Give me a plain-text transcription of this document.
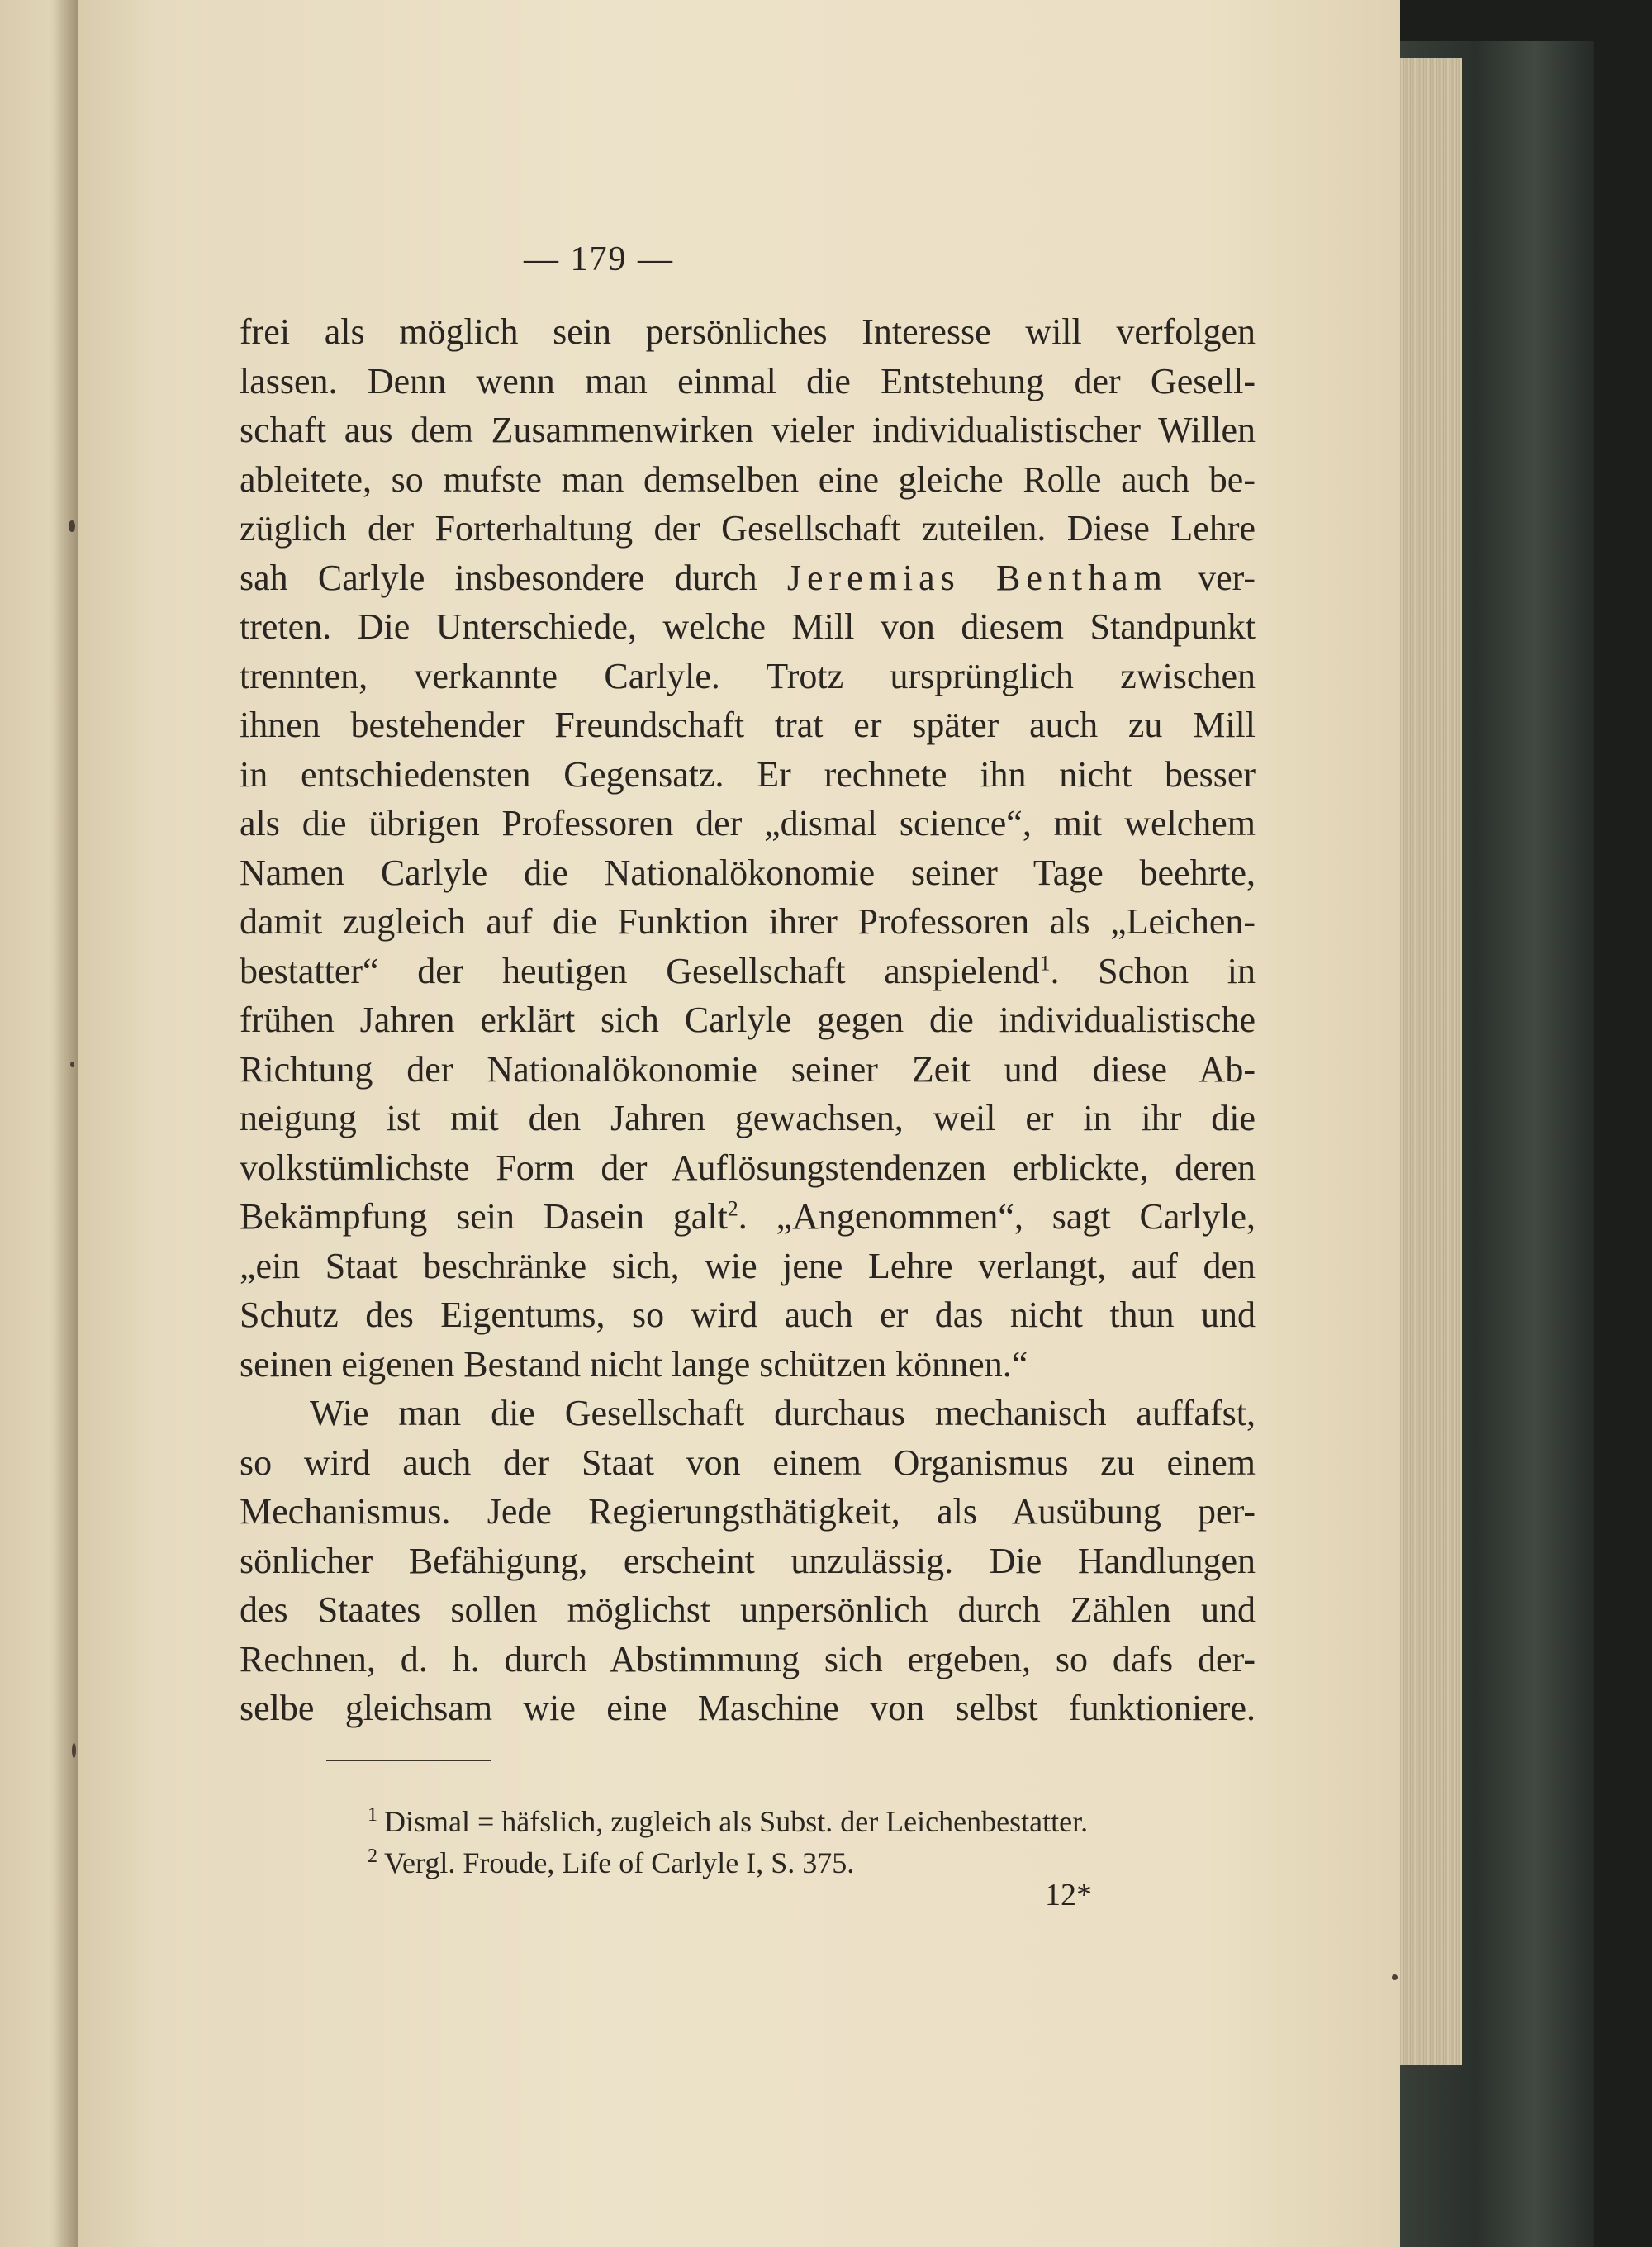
— 179 —
frei als möglich sein persönliches Interesse will verfolgen
lassen. Denn wenn man einmal die Entstehung der Gesell-
schaft aus dem Zusammenwirken vieler individualistischer Willen
ableitete, so mufste man demselben eine gleiche Rolle auch be-
züglich der Forterhaltung der Gesellschaft zuteilen. Diese Lehre
sah Carlyle insbesondere durch Jeremias Bentham ver-
treten. Die Unterschiede, welche Mill von diesem Standpunkt
trennten, verkannte Carlyle. Trotz ursprünglich zwischen
ihnen bestehender Freundschaft trat er später auch zu Mill
in entschiedensten Gegensatz. Er rechnete ihn nicht besser
als die übrigen Professoren der „dismal science“, mit welchem
Namen Carlyle die Nationalökonomie seiner Tage beehrte,
damit zugleich auf die Funktion ihrer Professoren als „Leichen-
bestatter“ der heutigen Gesellschaft anspielend$^1$. Schon in
frühen Jahren erklärt sich Carlyle gegen die individualistische
Richtung der Nationalökonomie seiner Zeit und diese Ab-
neigung ist mit den Jahren gewachsen, weil er in ihr die
volkstümlichste Form der Auflösungstendenzen erblickte, deren
Bekämpfung sein Dasein galt$^2$. „Angenommen“, sagt Carlyle,
„ein Staat beschränke sich, wie jene Lehre verlangt, auf den
Schutz des Eigentums, so wird auch er das nicht thun und
seinen eigenen Bestand nicht lange schützen können.“
Wie man die Gesellschaft durchaus mechanisch auffafst,
so wird auch der Staat von einem Organismus zu einem
Mechanismus. Jede Regierungsthätigkeit, als Ausübung per-
sönlicher Befähigung, erscheint unzulässig. Die Handlungen
des Staates sollen möglichst unpersönlich durch Zählen und
Rechnen, d. h. durch Abstimmung sich ergeben, so dafs der-
selbe gleichsam wie eine Maschine von selbst funktioniere.
$^1$ Dismal = häfslich, zugleich als Subst. der Leichenbestatter.
$^2$ Vergl. Froude, Life of Carlyle I, S. 375.
12*
